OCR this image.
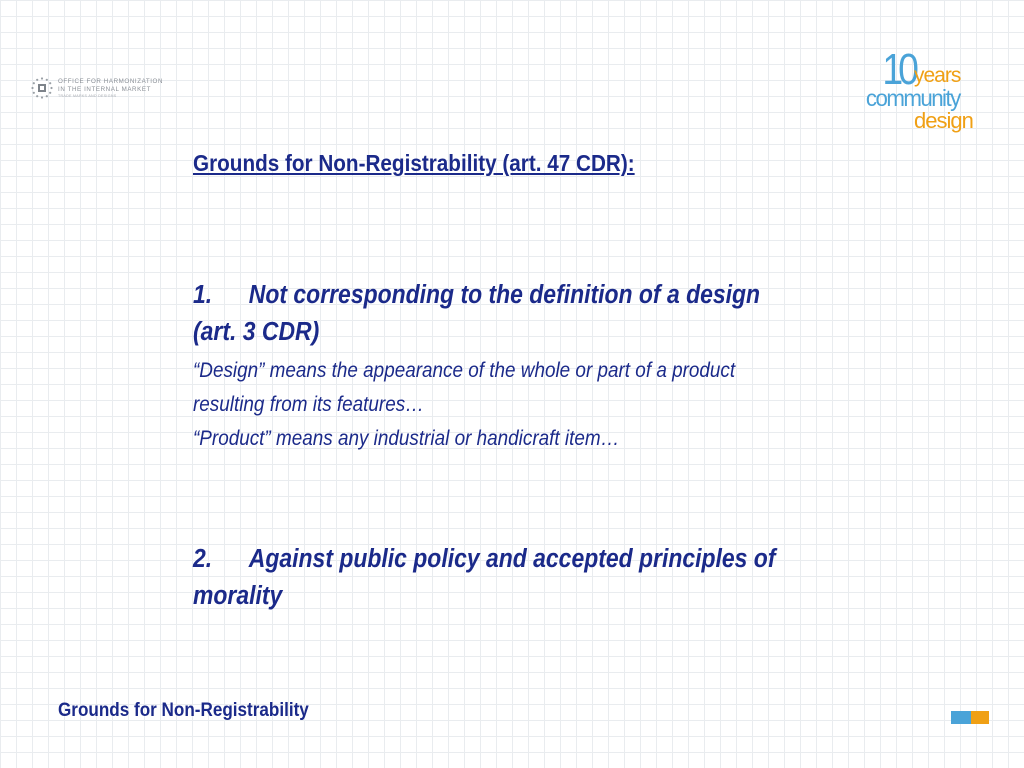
OFFICE FOR HARMONIZATION
IN THE INTERNAL MARKET
TRADE MARKS AND DESIGNS
10 years
community
design
Grounds for Non-Registrability (art. 47 CDR):

1. Not corresponding to the definition of a design (art. 3 CDR)

“Design” means the appearance of the whole or part of a product resulting from its features…

“Product” means any industrial or handicraft item…

2. Against public policy and accepted principles of morality

Grounds for Non-Registrability
